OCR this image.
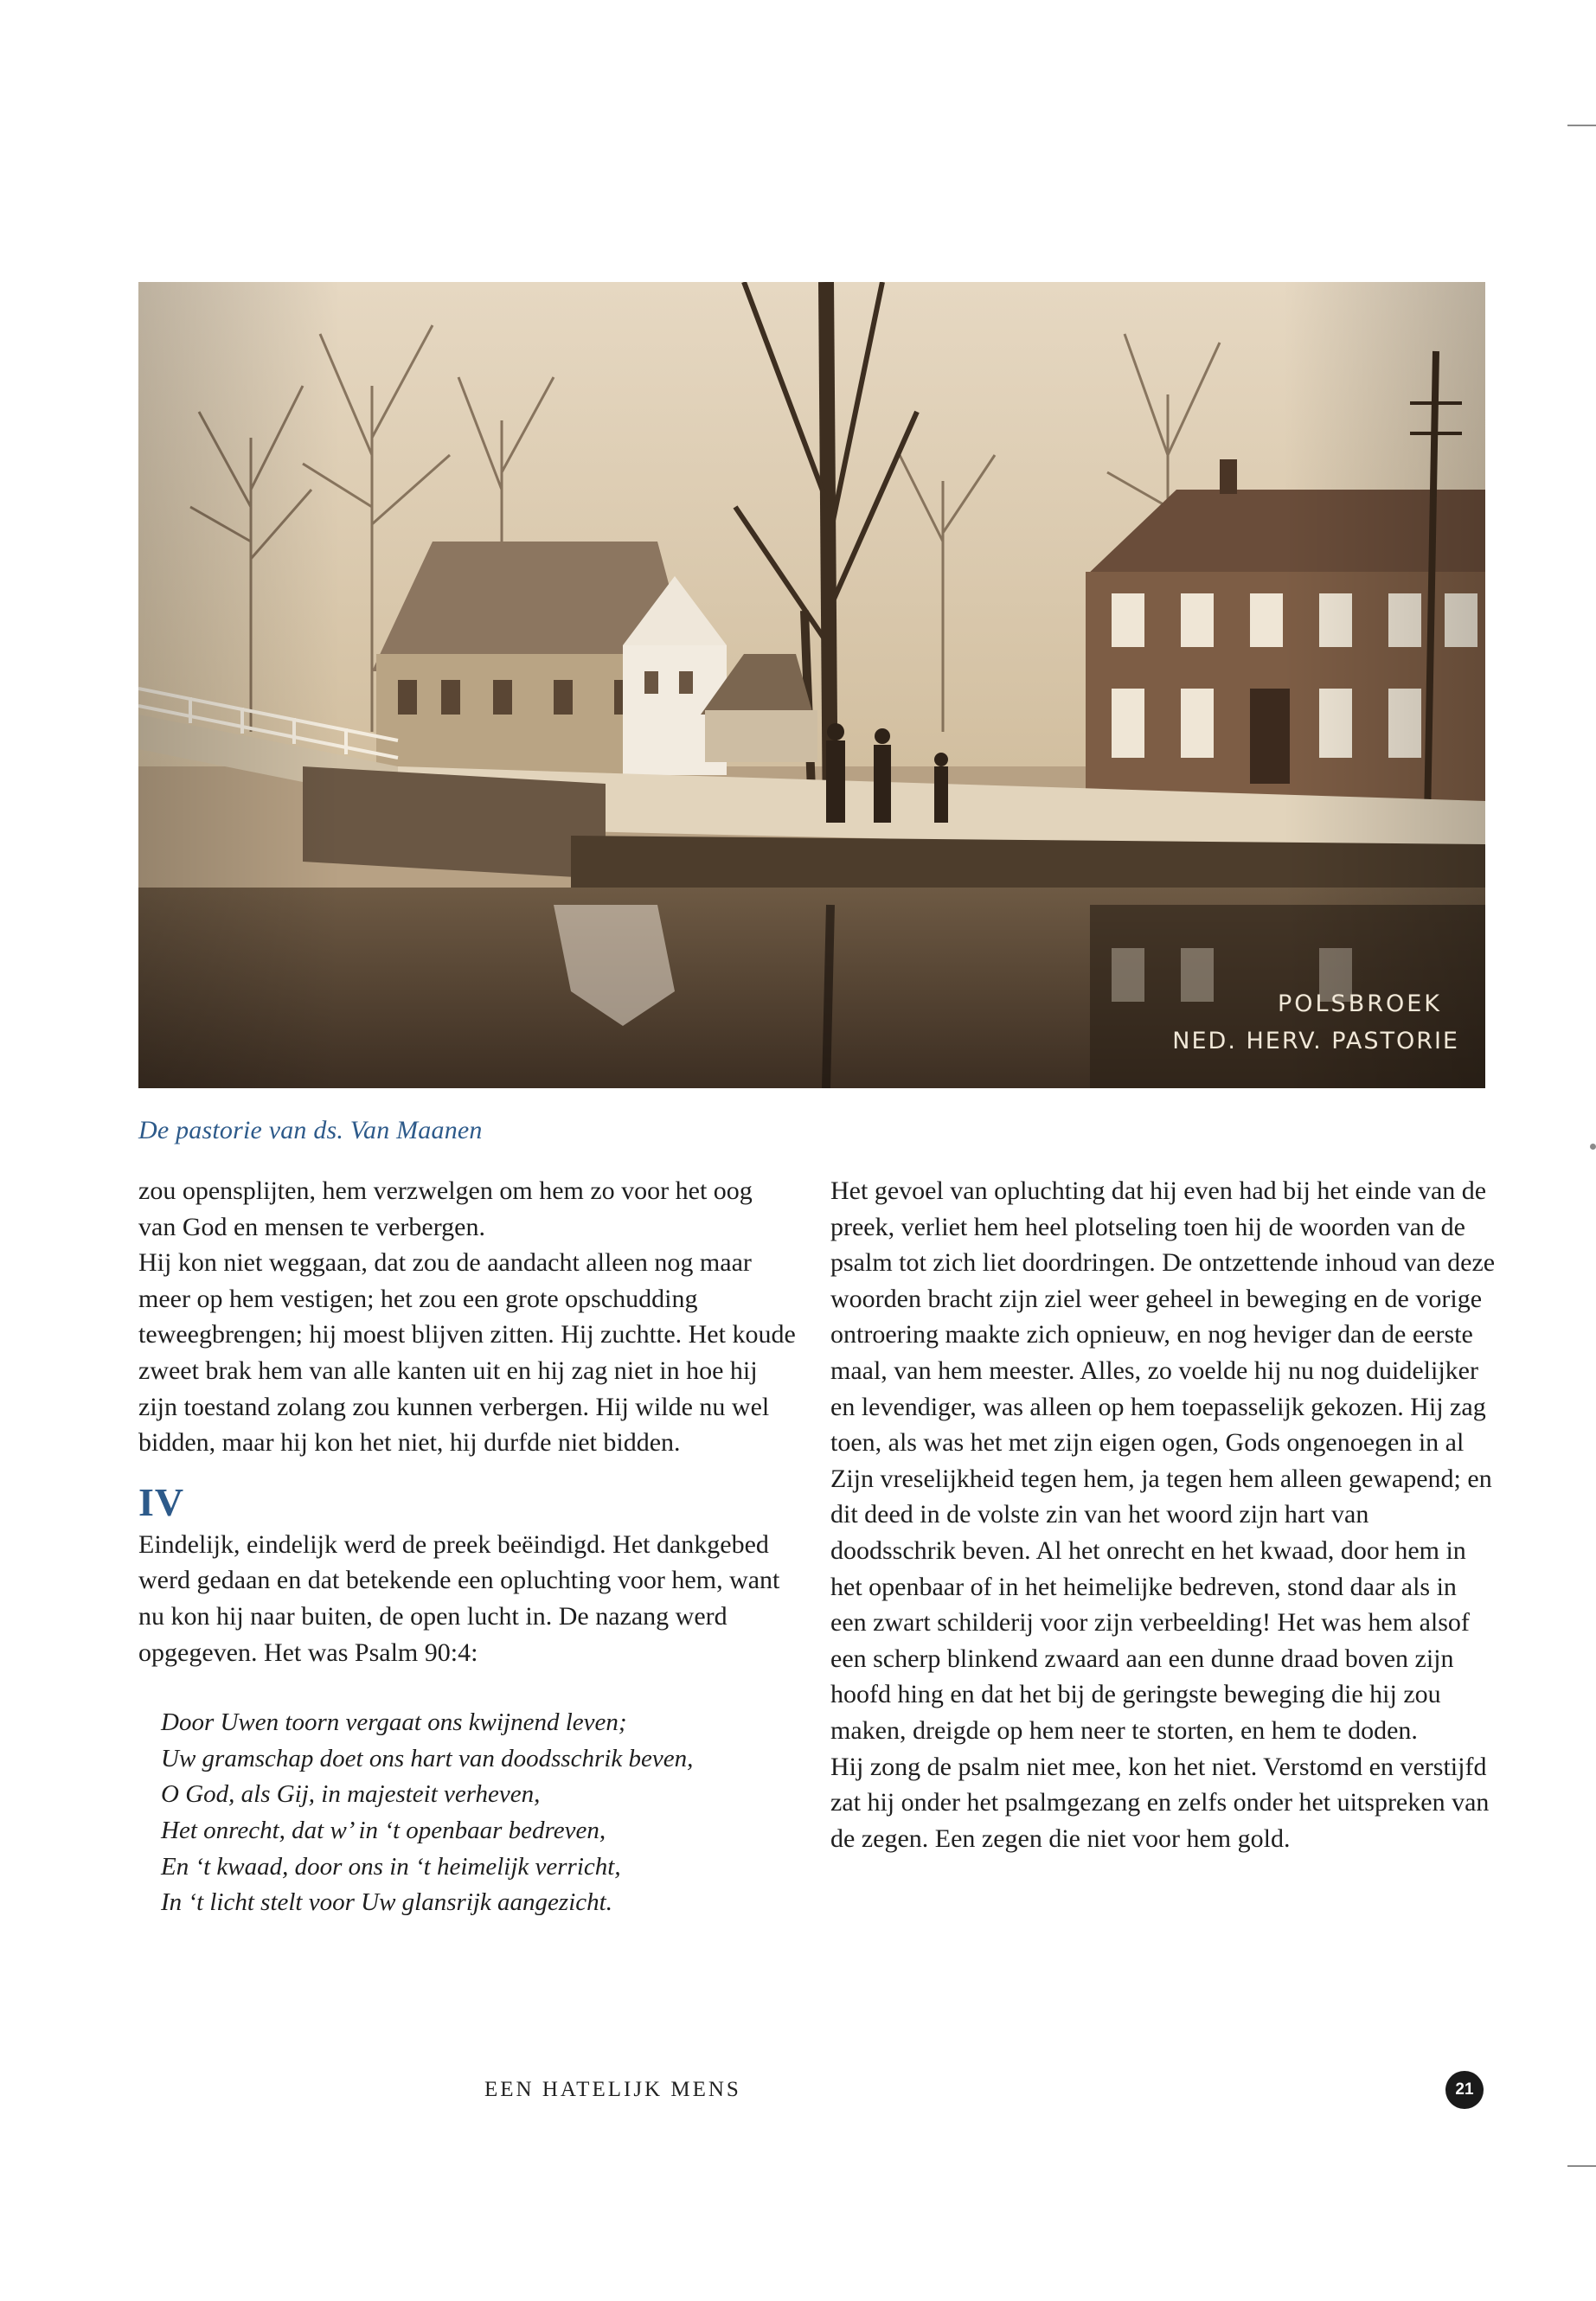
POLSBROEK
NED. HERV. PASTORIE
De pastorie van ds. Van Maanen

zou opensplijten, hem verzwelgen om hem zo voor het oog van God en mensen te verbergen.

Hij kon niet weggaan, dat zou de aandacht alleen nog maar meer op hem vestigen; het zou een grote opschudding teweegbrengen; hij moest blijven zitten. Hij zuchtte. Het koude zweet brak hem van alle kanten uit en hij zag niet in hoe hij zijn toestand zolang zou kunnen verbergen. Hij wilde nu wel bidden, maar hij kon het niet, hij durfde niet bidden.

IV

Eindelijk, eindelijk werd de preek beëindigd. Het dankgebed werd gedaan en dat betekende een opluchting voor hem, want nu kon hij naar buiten, de open lucht in. De nazang werd opgegeven. Het was Psalm 90:4:

Door Uwen toorn vergaat ons kwijnend leven;
Uw gramschap doet ons hart van doodsschrik beven,
O God, als Gij, in majesteit verheven,
Het onrecht, dat w’ in ‘t openbaar bedreven,
En ‘t kwaad, door ons in ‘t heimelijk verricht,
In ‘t licht stelt voor Uw glansrijk aangezicht.

Het gevoel van opluchting dat hij even had bij het einde van de preek, verliet hem heel plotseling toen hij de woorden van de psalm tot zich liet doordringen. De ontzettende inhoud van deze woorden bracht zijn ziel weer geheel in beweging en de vorige ontroering maakte zich opnieuw, en nog heviger dan de eerste maal, van hem meester. Alles, zo voelde hij nu nog duidelijker en levendiger, was alleen op hem toepasselijk gekozen. Hij zag toen, als was het met zijn eigen ogen, Gods ongenoegen in al Zijn vreselijkheid tegen hem, ja tegen hem alleen gewapend; en dit deed in de volste zin van het woord zijn hart van doodsschrik beven. Al het onrecht en het kwaad, door hem in het openbaar of in het heimelijke bedreven, stond daar als in een zwart schilderij voor zijn verbeelding! Het was hem alsof een scherp blinkend zwaard aan een dunne draad boven zijn hoofd hing en dat het bij de geringste beweging die hij zou maken, dreigde op hem neer te storten, en hem te doden.

Hij zong de psalm niet mee, kon het niet. Verstomd en verstijfd zat hij onder het psalmgezang en zelfs onder het uitspreken van de zegen. Een zegen die niet voor hem gold.

EEN HATELIJK MENS	21
